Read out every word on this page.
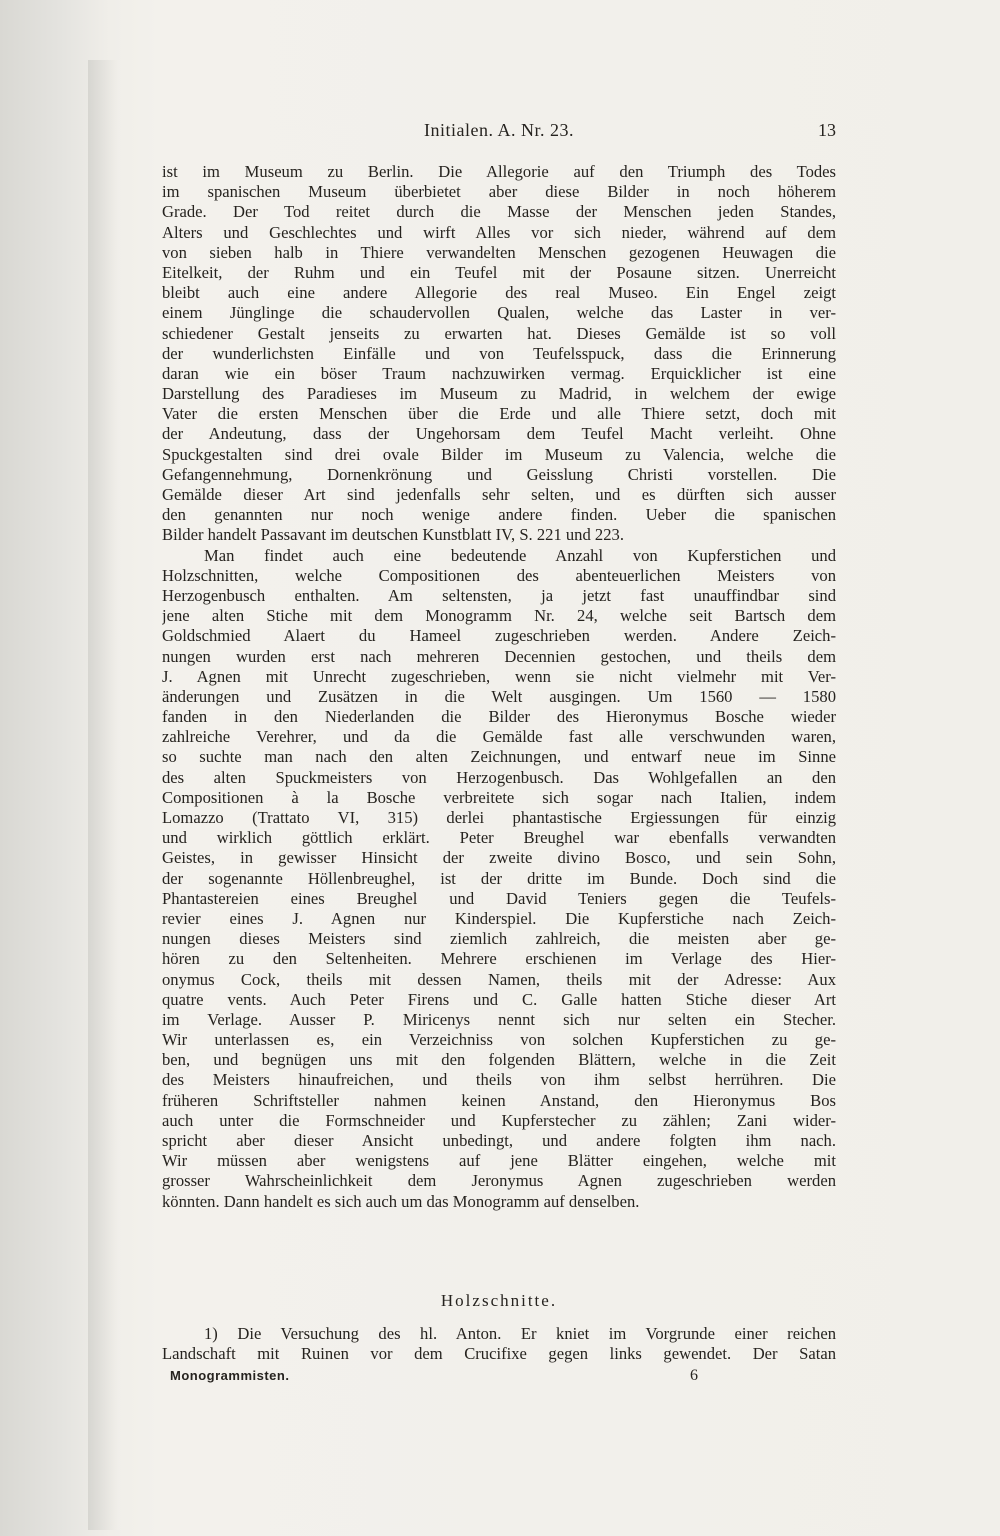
Initialen. A. Nr. 23.	13
ist im Museum zu Berlin. Die Allegorie auf den Triumph des Todes
im spanischen Museum überbietet aber diese Bilder in noch höherem
Grade. Der Tod reitet durch die Masse der Menschen jeden Standes,
Alters und Geschlechtes und wirft Alles vor sich nieder, während auf dem
von sieben halb in Thiere verwandelten Menschen gezogenen Heuwagen die
Eitelkeit, der Ruhm und ein Teufel mit der Posaune sitzen. Unerreicht
bleibt auch eine andere Allegorie des real Museo. Ein Engel zeigt
einem Jünglinge die schaudervollen Qualen, welche das Laster in ver-
schiedener Gestalt jenseits zu erwarten hat. Dieses Gemälde ist so voll
der wunderlichsten Einfälle und von Teufelsspuck, dass die Erinnerung
daran wie ein böser Traum nachzuwirken vermag. Erquicklicher ist eine
Darstellung des Paradieses im Museum zu Madrid, in welchem der ewige
Vater die ersten Menschen über die Erde und alle Thiere setzt, doch mit
der Andeutung, dass der Ungehorsam dem Teufel Macht verleiht. Ohne
Spuckgestalten sind drei ovale Bilder im Museum zu Valencia, welche die
Gefangennehmung, Dornenkrönung und Geisslung Christi vorstellen. Die
Gemälde dieser Art sind jedenfalls sehr selten, und es dürften sich ausser
den genannten nur noch wenige andere finden. Ueber die spanischen
Bilder handelt Passavant im deutschen Kunstblatt IV, S. 221 und 223.
Man findet auch eine bedeutende Anzahl von Kupferstichen und
Holzschnitten, welche Compositionen des abenteuerlichen Meisters von
Herzogenbusch enthalten. Am seltensten, ja jetzt fast unauffindbar sind
jene alten Stiche mit dem Monogramm Nr. 24, welche seit Bartsch dem
Goldschmied Alaert du Hameel zugeschrieben werden. Andere Zeich-
nungen wurden erst nach mehreren Decennien gestochen, und theils dem
J. Agnen mit Unrecht zugeschrieben, wenn sie nicht vielmehr mit Ver-
änderungen und Zusätzen in die Welt ausgingen. Um 1560 — 1580
fanden in den Niederlanden die Bilder des Hieronymus Bosche wieder
zahlreiche Verehrer, und da die Gemälde fast alle verschwunden waren,
so suchte man nach den alten Zeichnungen, und entwarf neue im Sinne
des alten Spuckmeisters von Herzogenbusch. Das Wohlgefallen an den
Compositionen à la Bosche verbreitete sich sogar nach Italien, indem
Lomazzo (Trattato VI, 315) derlei phantastische Ergiessungen für einzig
und wirklich göttlich erklärt. Peter Breughel war ebenfalls verwandten
Geistes, in gewisser Hinsicht der zweite divino Bosco, und sein Sohn,
der sogenannte Höllenbreughel, ist der dritte im Bunde. Doch sind die
Phantastereien eines Breughel und David Teniers gegen die Teufels-
revier eines J. Agnen nur Kinderspiel. Die Kupferstiche nach Zeich-
nungen dieses Meisters sind ziemlich zahlreich, die meisten aber ge-
hören zu den Seltenheiten. Mehrere erschienen im Verlage des Hier-
onymus Cock, theils mit dessen Namen, theils mit der Adresse: Aux
quatre vents. Auch Peter Firens und C. Galle hatten Stiche dieser Art
im Verlage. Ausser P. Miricenys nennt sich nur selten ein Stecher.
Wir unterlassen es, ein Verzeichniss von solchen Kupferstichen zu ge-
ben, und begnügen uns mit den folgenden Blättern, welche in die Zeit
des Meisters hinaufreichen, und theils von ihm selbst herrühren. Die
früheren Schriftsteller nahmen keinen Anstand, den Hieronymus Bos
auch unter die Formschneider und Kupferstecher zu zählen; Zani wider-
spricht aber dieser Ansicht unbedingt, und andere folgten ihm nach.
Wir müssen aber wenigstens auf jene Blätter eingehen, welche mit
grosser Wahrscheinlichkeit dem Jeronymus Agnen zugeschrieben werden
könnten. Dann handelt es sich auch um das Monogramm auf denselben.
Holzschnitte.
1) Die Versuchung des hl. Anton. Er kniet im Vorgrunde einer reichen
Landschaft mit Ruinen vor dem Crucifixe gegen links gewendet. Der Satan
Monogrammisten.	6
